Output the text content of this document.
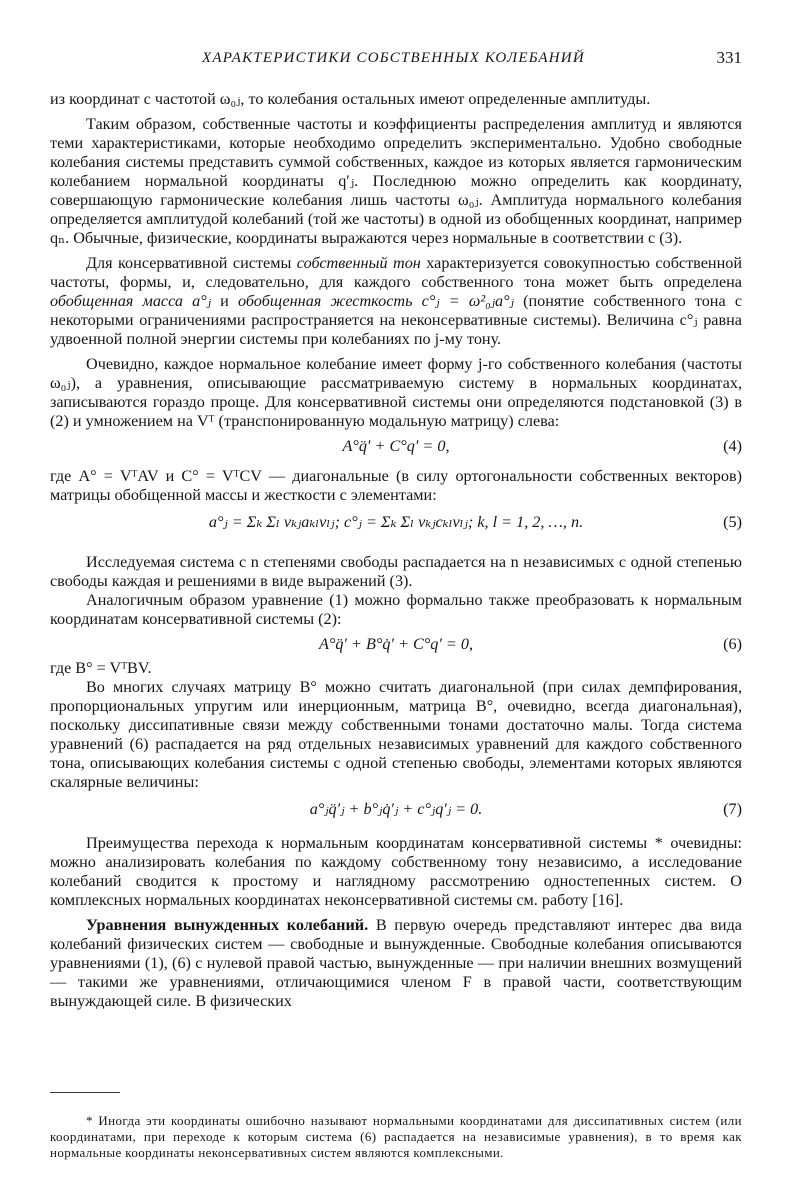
ХАРАКТЕРИСТИКИ СОБСТВЕННЫХ КОЛЕБАНИЙ	331

из координат с частотой ω₀ⱼ, то колебания остальных имеют определенные амплитуды.

Таким образом, собственные частоты и коэффициенты распределения амплитуд и являются теми характеристиками, которые необходимо определить экспериментально. Удобно свободные колебания системы представить суммой собственных, каждое из которых является гармоническим колебанием нормальной координаты q′ⱼ. Последнюю можно определить как координату, совершающую гармонические колебания лишь частоты ω₀ⱼ. Амплитуда нормального колебания определяется амплитудой колебаний (той же частоты) в одной из обобщенных координат, например qₙ. Обычные, физические, координаты выражаются через нормальные в соответствии с (3).

Для консервативной системы собственный тон характеризуется совокупностью собственной частоты, формы, и, следовательно, для каждого собственного тона может быть определена обобщенная масса a°ⱼ и обобщенная жесткость c°ⱼ = ω²₀ⱼa°ⱼ (понятие собственного тона с некоторыми ограничениями распространяется на неконсервативные системы). Величина c°ⱼ равна удвоенной полной энергии системы при колебаниях по j-му тону.

Очевидно, каждое нормальное колебание имеет форму j-го собственного колебания (частоты ω₀ⱼ), а уравнения, описывающие рассматриваемую систему в нормальных координатах, записываются гораздо проще. Для консервативной системы они определяются подстановкой (3) в (2) и умножением на Vᵀ (транспонированную модальную матрицу) слева:

A°q̈′ + C°q′ = 0,	(4)

где A° = VᵀAV и C° = VᵀCV — диагональные (в силу ортогональности собственных векторов) матрицы обобщенной массы и жесткости с элементами:

a°ⱼ = Σₖ Σₗ vₖⱼaₖₗvₗⱼ; c°ⱼ = Σₖ Σₗ vₖⱼcₖₗvₗⱼ; k, l = 1, 2, …, n.	(5)

Исследуемая система с n степенями свободы распадается на n независимых с одной степенью свободы каждая и решениями в виде выражений (3).

Аналогичным образом уравнение (1) можно формально также преобразовать к нормальным координатам консервативной системы (2):

A°q̈′ + B°q̇′ + C°q′ = 0,	(6)

где B° = VᵀBV.

Во многих случаях матрицу B° можно считать диагональной (при силах демпфирования, пропорциональных упругим или инерционным, матрица B°, очевидно, всегда диагональная), поскольку диссипативные связи между собственными тонами достаточно малы. Тогда система уравнений (6) распадается на ряд отдельных независимых уравнений для каждого собственного тона, описывающих колебания системы с одной степенью свободы, элементами которых являются скалярные величины:

a°ⱼq̈′ⱼ + b°ⱼq̇′ⱼ + c°ⱼq′ⱼ = 0.	(7)

Преимущества перехода к нормальным координатам консервативной системы * очевидны: можно анализировать колебания по каждому собственному тону независимо, а исследование колебаний сводится к простому и наглядному рассмотрению одностепенных систем. О комплексных нормальных координатах неконсервативной системы см. работу [16].

Уравнения вынужденных колебаний. В первую очередь представляют интерес два вида колебаний физических систем — свободные и вынужденные. Свободные колебания описываются уравнениями (1), (6) с нулевой правой частью, вынужденные — при наличии внешних возмущений — такими же уравнениями, отличающимися членом F в правой части, соответствующим вынуждающей силе. В физических

* Иногда эти координаты ошибочно называют нормальными координатами для диссипативных систем (или координатами, при переходе к которым система (6) распадается на независимые уравнения), в то время как нормальные координаты неконсервативных систем являются комплексными.
